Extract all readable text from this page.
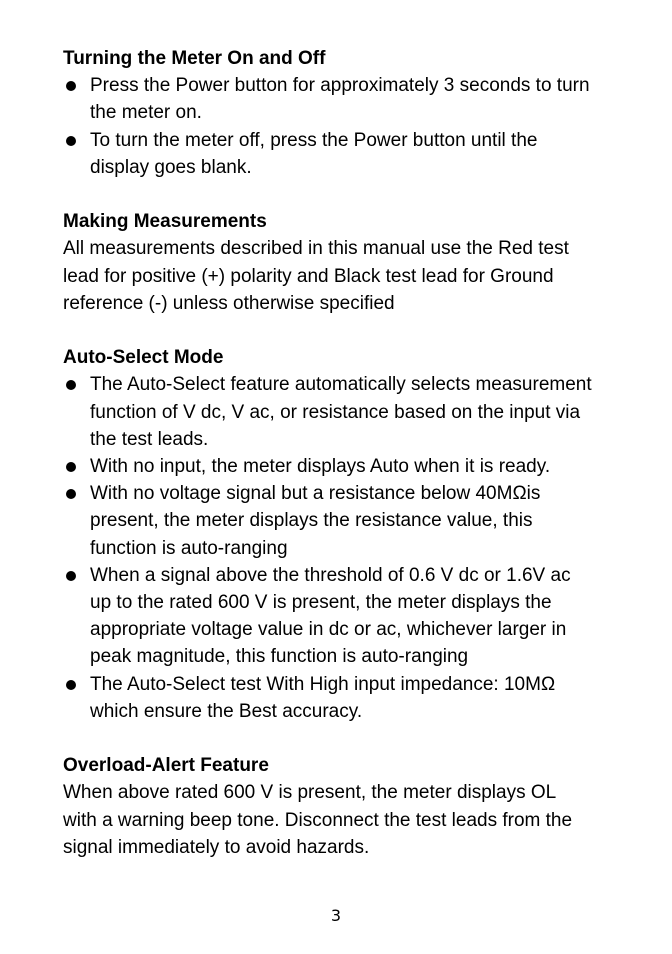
Turning the Meter On and Off
Press the Power button for approximately 3 seconds to turn
the meter on.
To turn the meter off, press the Power button until the
display goes blank.
Making Measurements
All measurements described in this manual use the Red test
lead for positive (+) polarity and Black test lead for Ground
reference (-) unless otherwise specified
Auto-Select Mode
The Auto-Select feature automatically selects measurement
function of V dc, V ac, or resistance based on the input via
the test leads.
With no input, the meter displays Auto when it is ready.
With no voltage signal but a resistance below 40MΩis
present, the meter displays the resistance value, this
function is auto-ranging
When a signal above the threshold of 0.6 V dc or 1.6V ac
up to the rated 600 V is present, the meter displays the
appropriate voltage value in dc or ac, whichever larger in
peak magnitude, this function is auto-ranging
The Auto-Select test With High input impedance: 10MΩ
which ensure the Best accuracy.
Overload-Alert Feature
When above rated 600 V is present, the meter displays OL
with a warning beep tone. Disconnect the test leads from the
signal immediately to avoid hazards.
3
